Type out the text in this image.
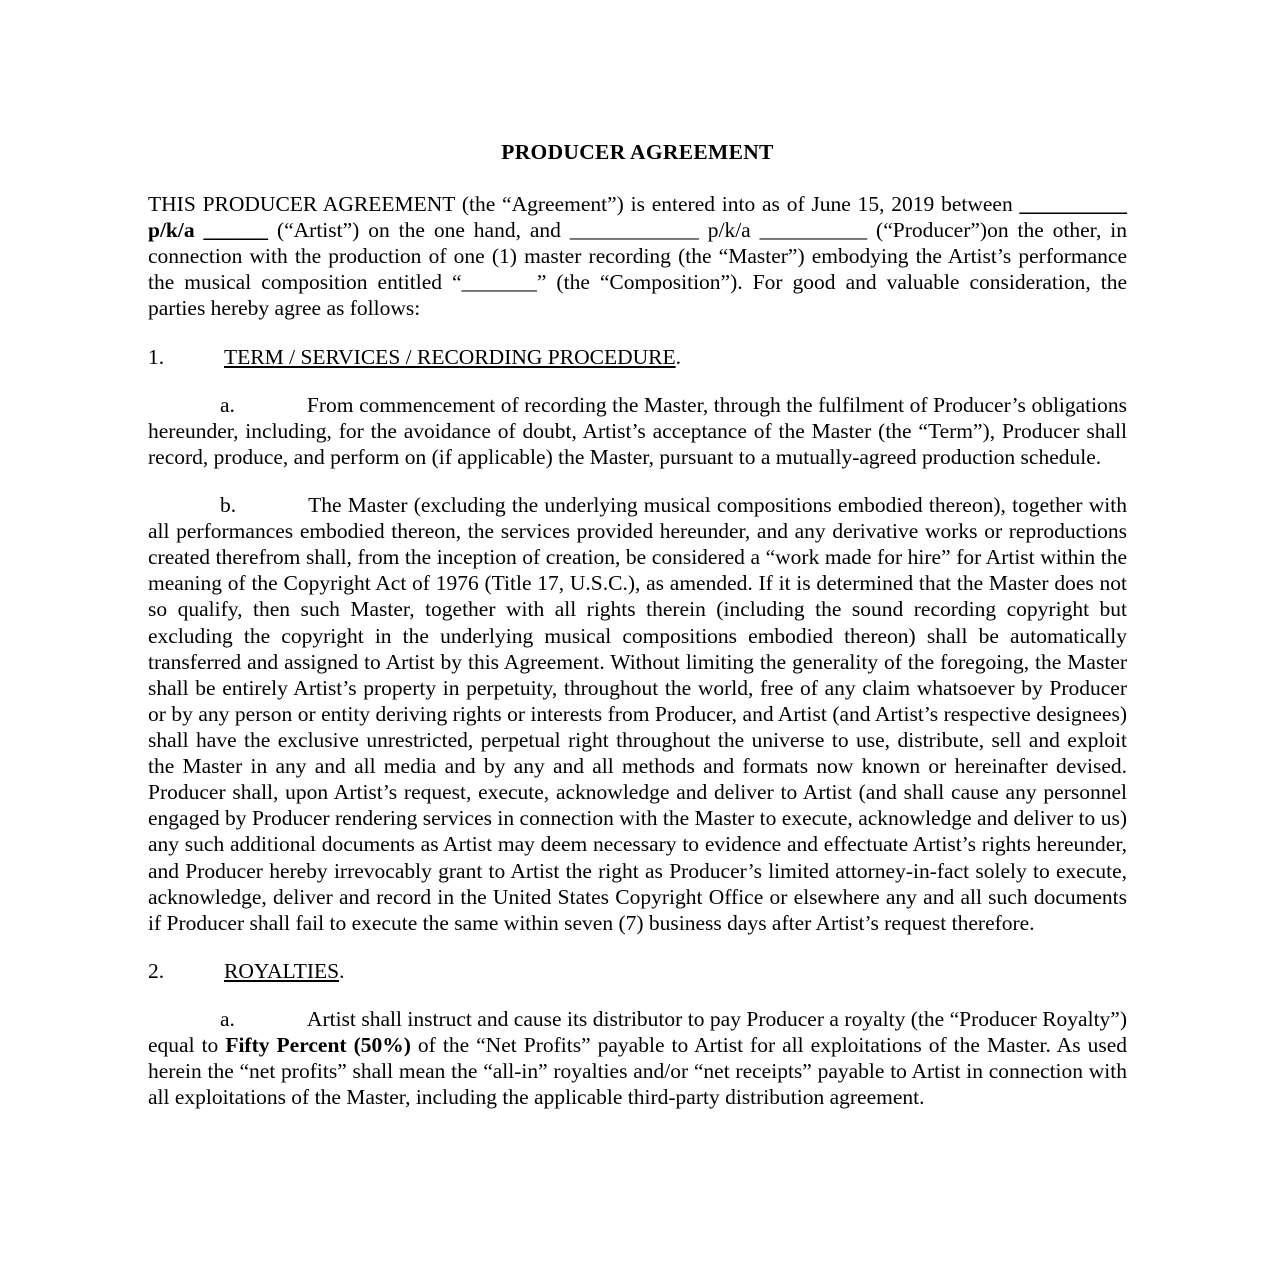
PRODUCER AGREEMENT

THIS PRODUCER AGREEMENT (the “Agreement”) is entered into as of June 15, 2019 between __________ p/k/a ______ (“Artist”) on the one hand, and ____________ p/k/a __________ (“Producer”)on the other, in connection with the production of one (1) master recording (the “Master”) embodying the Artist’s performance the musical composition entitled “_______” (the “Composition”). For good and valuable consideration, the parties hereby agree as follows:

1.	TERM / SERVICES / RECORDING PROCEDURE.

a.	From commencement of recording the Master, through the fulfilment of Producer’s obligations hereunder, including, for the avoidance of doubt, Artist’s acceptance of the Master (the “Term”), Producer shall record, produce, and perform on (if applicable) the Master, pursuant to a mutually-agreed production schedule.

b.	The Master (excluding the underlying musical compositions embodied thereon), together with all performances embodied thereon, the services provided hereunder, and any derivative works or reproductions created therefrom shall, from the inception of creation, be considered a “work made for hire” for Artist within the meaning of the Copyright Act of 1976 (Title 17, U.S.C.), as amended. If it is determined that the Master does not so qualify, then such Master, together with all rights therein (including the sound recording copyright but excluding the copyright in the underlying musical compositions embodied thereon) shall be automatically transferred and assigned to Artist by this Agreement. Without limiting the generality of the foregoing, the Master shall be entirely Artist’s property in perpetuity, throughout the world, free of any claim whatsoever by Producer or by any person or entity deriving rights or interests from Producer, and Artist (and Artist’s respective designees) shall have the exclusive unrestricted, perpetual right throughout the universe to use, distribute, sell and exploit the Master in any and all media and by any and all methods and formats now known or hereinafter devised. Producer shall, upon Artist’s request, execute, acknowledge and deliver to Artist (and shall cause any personnel engaged by Producer rendering services in connection with the Master to execute, acknowledge and deliver to us) any such additional documents as Artist may deem necessary to evidence and effectuate Artist’s rights hereunder, and Producer hereby irrevocably grant to Artist the right as Producer’s limited attorney-in-fact solely to execute, acknowledge, deliver and record in the United States Copyright Office or elsewhere any and all such documents if Producer shall fail to execute the same within seven (7) business days after Artist’s request therefore.

2.	ROYALTIES.

a.	Artist shall instruct and cause its distributor to pay Producer a royalty (the “Producer Royalty”) equal to Fifty Percent (50%) of the “Net Profits” payable to Artist for all exploitations of the Master. As used herein the “net profits” shall mean the “all-in” royalties and/or “net receipts” payable to Artist in connection with all exploitations of the Master, including the applicable third-party distribution agreement.
